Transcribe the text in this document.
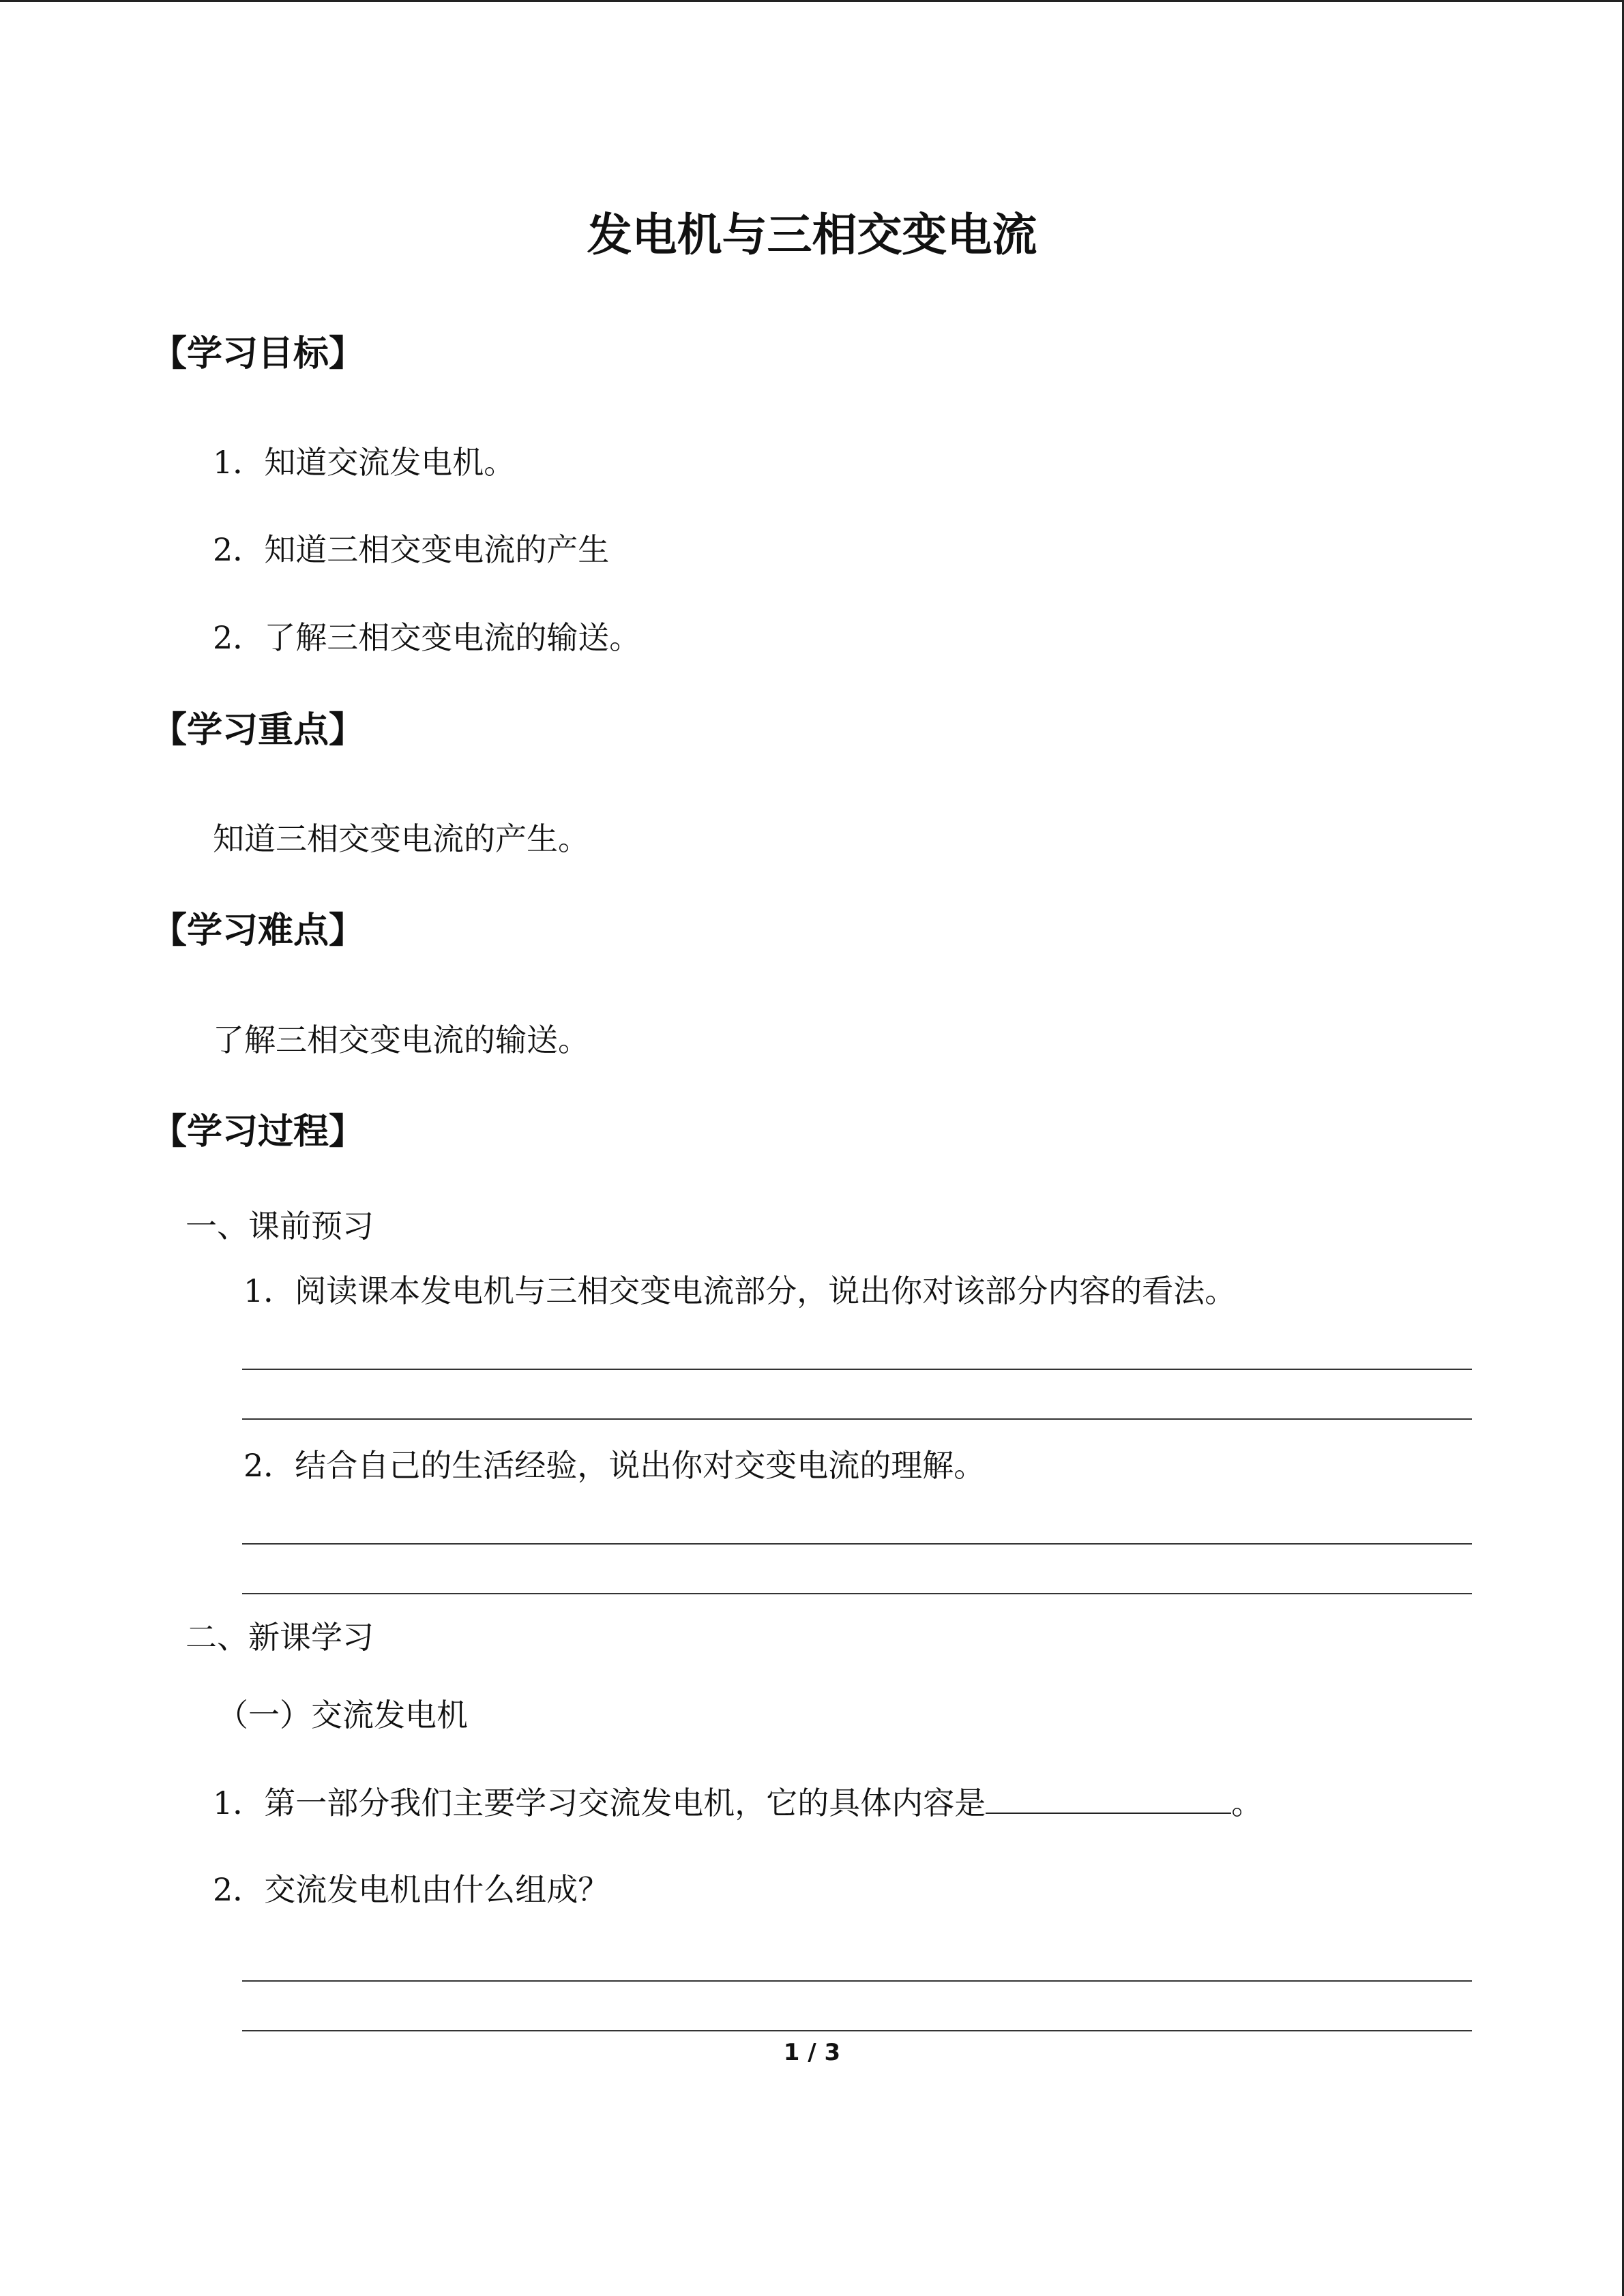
发电机与三相交变电流
【学习目标】
1．知道交流发电机。
2．知道三相交变电流的产生
2．了解三相交变电流的输送。
【学习重点】
知道三相交变电流的产生。
【学习难点】
了解三相交变电流的输送。
【学习过程】
一、课前预习
1．阅读课本发电机与三相交变电流部分，说出你对该部分内容的看法。
2．结合自己的生活经验，说出你对交变电流的理解。
二、新课学习
（一）交流发电机
1．第一部分我们主要学习交流发电机，它的具体内容是	。
2．交流发电机由什么组成？
1 / 3
